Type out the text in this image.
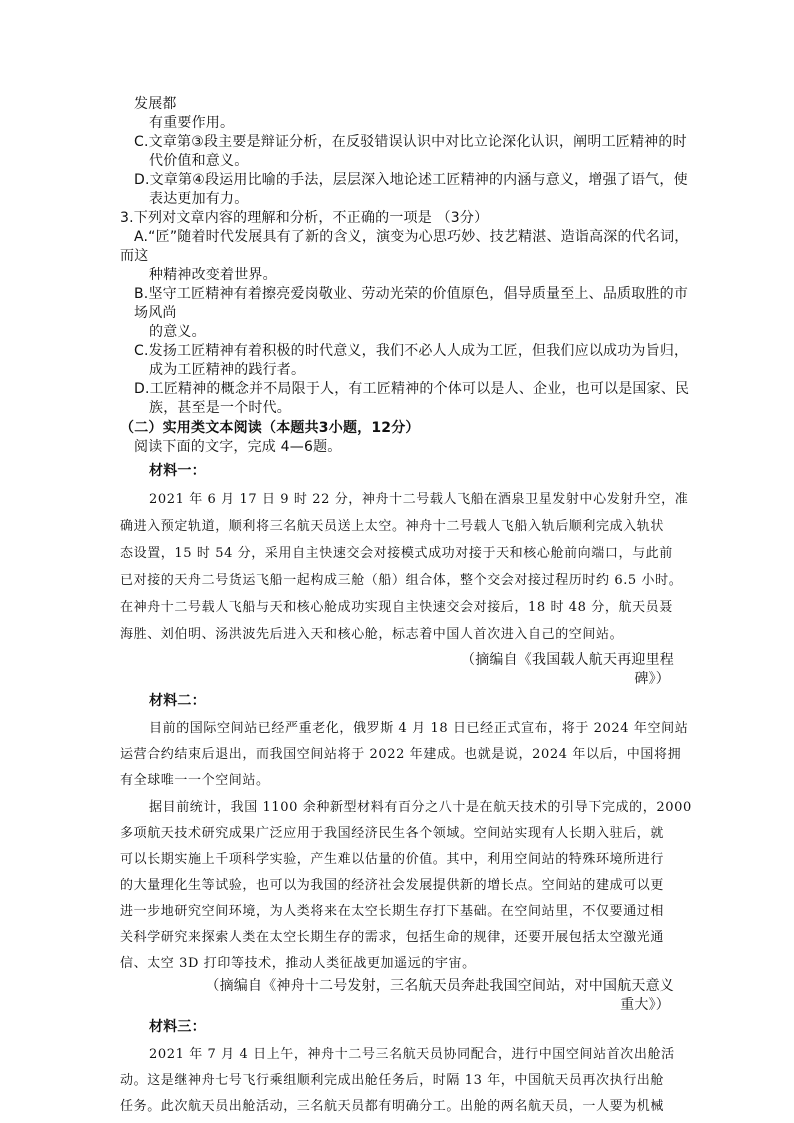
发展都
有重要作用。
C.文章第③段主要是辩证分析，在反驳错误认识中对比立论深化认识，阐明工匠精神的时
代价值和意义。
D.文章第④段运用比喻的手法，层层深入地论述工匠精神的内涵与意义，增强了语气，使
表达更加有力。
3.下列对文章内容的理解和分析，不正确的一项是 （3分）
A.“匠”随着时代发展具有了新的含义，演变为心思巧妙、技艺精湛、造诣高深的代名词，
而这
种精神改变着世界。
B.坚守工匠精神有着擦亮爱岗敬业、劳动光荣的价值原色，倡导质量至上、品质取胜的市
场风尚
的意义。
C.发扬工匠精神有着积极的时代意义，我们不必人人成为工匠，但我们应以成功为旨归，
成为工匠精神的践行者。
D.工匠精神的概念并不局限于人，有工匠精神的个体可以是人、企业，也可以是国家、民
族，甚至是一个时代。
（二）实用类文本阅读（本题共3小题，12分）
阅读下面的文字，完成 4—6题。
材料一：
2021 年 6 月 17 日 9 时 22 分，神舟十二号载人飞船在酒泉卫星发射中心发射升空，准
确进入预定轨道，顺利将三名航天员送上太空。神舟十二号载人飞船入轨后顺利完成入轨状
态设置，15 时 54 分，采用自主快速交会对接模式成功对接于天和核心舱前向端口，与此前
已对接的天舟二号货运飞船一起构成三舱（船）组合体，整个交会对接过程历时约 6.5 小时。
在神舟十二号载人飞船与天和核心舱成功实现自主快速交会对接后，18 时 48 分，航天员聂
海胜、刘伯明、汤洪波先后进入天和核心舱，标志着中国人首次进入自己的空间站。
（摘编自《我国载人航天再迎里程
碑》）
材料二：
目前的国际空间站已经严重老化，俄罗斯 4 月 18 日已经正式宣布，将于 2024 年空间站
运营合约结束后退出，而我国空间站将于 2022 年建成。也就是说，2024 年以后，中国将拥
有全球唯一一个空间站。
据目前统计，我国 1100 余种新型材料有百分之八十是在航天技术的引导下完成的，2000
多项航天技术研究成果广泛应用于我国经济民生各个领域。空间站实现有人长期入驻后，就
可以长期实施上千项科学实验，产生难以估量的价值。其中，利用空间站的特殊环境所进行
的大量理化生等试验，也可以为我国的经济社会发展提供新的增长点。空间站的建成可以更
进一步地研究空间环境，为人类将来在太空长期生存打下基础。在空间站里，不仅要通过相
关科学研究来探索人类在太空长期生存的需求，包括生命的规律，还要开展包括太空激光通
信、太空 3D 打印等技术，推动人类征战更加遥远的宇宙。
（摘编自《神舟十二号发射，三名航天员奔赴我国空间站，对中国航天意义
重大》）
材料三：
2021 年 7 月 4 日上午，神舟十二号三名航天员协同配合，进行中国空间站首次出舱活
动。这是继神舟七号飞行乘组顺利完成出舱任务后，时隔 13 年，中国航天员再次执行出舱
任务。此次航天员出舱活动，三名航天员都有明确分工。出舱的两名航天员，一人要为机械
